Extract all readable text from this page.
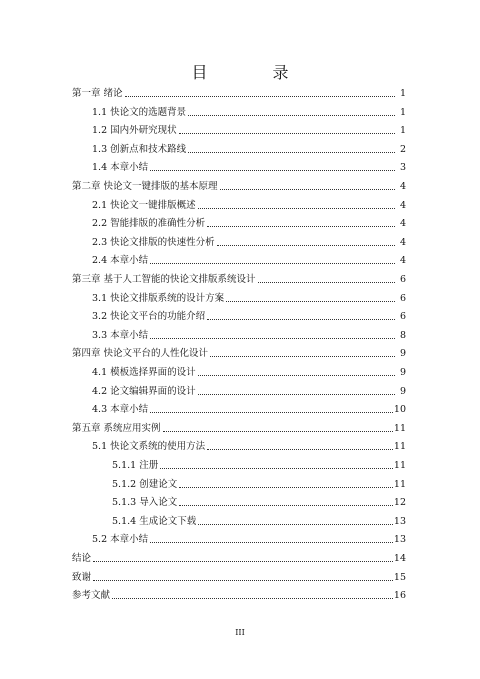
目 录
第一章 绪论	1
1.1 快论文的选题背景	1
1.2 国内外研究现状	1
1.3 创新点和技术路线	2
1.4 本章小结	3
第二章 快论文一键排版的基本原理	4
2.1 快论文一键排版概述	4
2.2 智能排版的准确性分析	4
2.3 快论文排版的快速性分析	4
2.4 本章小结	4
第三章 基于人工智能的快论文排版系统设计	6
3.1 快论文排版系统的设计方案	6
3.2 快论文平台的功能介绍	6
3.3 本章小结	8
第四章 快论文平台的人性化设计	9
4.1 模板选择界面的设计	9
4.2 论文编辑界面的设计	9
4.3 本章小结	10
第五章 系统应用实例	11
5.1 快论文系统的使用方法	11
5.1.1 注册	11
5.1.2 创建论文	11
5.1.3 导入论文	12
5.1.4 生成论文下载	13
5.2 本章小结	13
结论	14
致谢	15
参考文献	16
III
